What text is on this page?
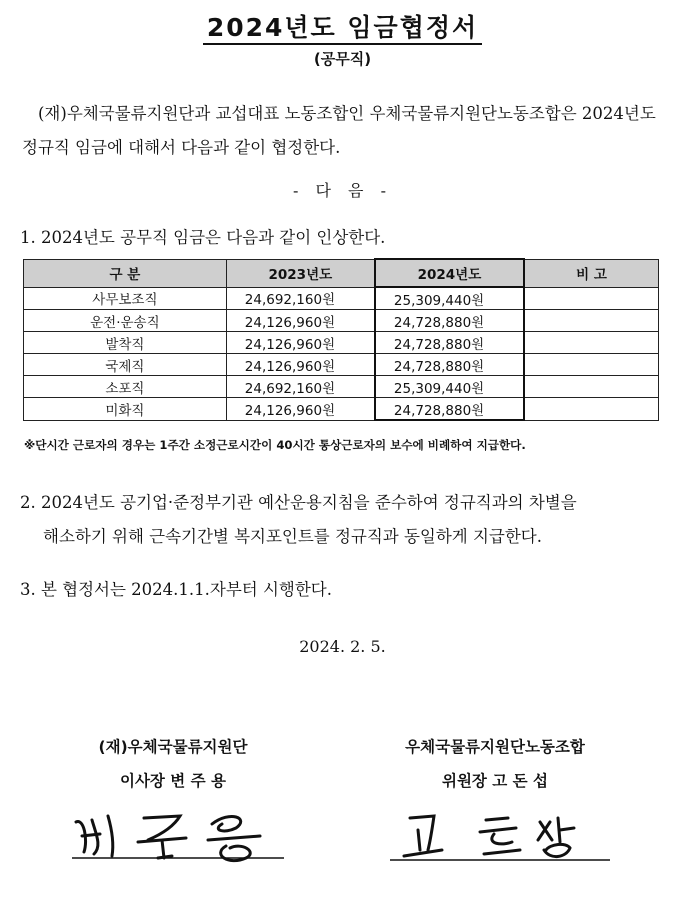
2024년도 임금협정서
(공무직)
(재)우체국물류지원단과 교섭대표 노동조합인 우체국물류지원단노동조합은 2024년도 정규직 임금에 대해서 다음과 같이 협정한다.
- 다 음 -
1. 2024년도 공무직 임금은 다음과 같이 인상한다.
구 분	2023년도	2024년도	비 고
사무보조직	24,692,160원	25,309,440원	
운전·운송직	24,126,960원	24,728,880원	
발착직	24,126,960원	24,728,880원	
국제직	24,126,960원	24,728,880원	
소포직	24,692,160원	25,309,440원	
미화직	24,126,960원	24,728,880원	
※단시간 근로자의 경우는 1주간 소정근로시간이 40시간 통상근로자의 보수에 비례하여 지급한다.
2. 2024년도 공기업·준정부기관 예산운용지침을 준수하여 정규직과의 차별을
해소하기 위해 근속기간별 복지포인트를 정규직과 동일하게 지급한다.
3. 본 협정서는 2024.1.1.자부터 시행한다.
2024. 2. 5.
(재)우체국물류지원단
이사장 변 주 용
우체국물류지원단노동조합
위원장 고 돈 섭
